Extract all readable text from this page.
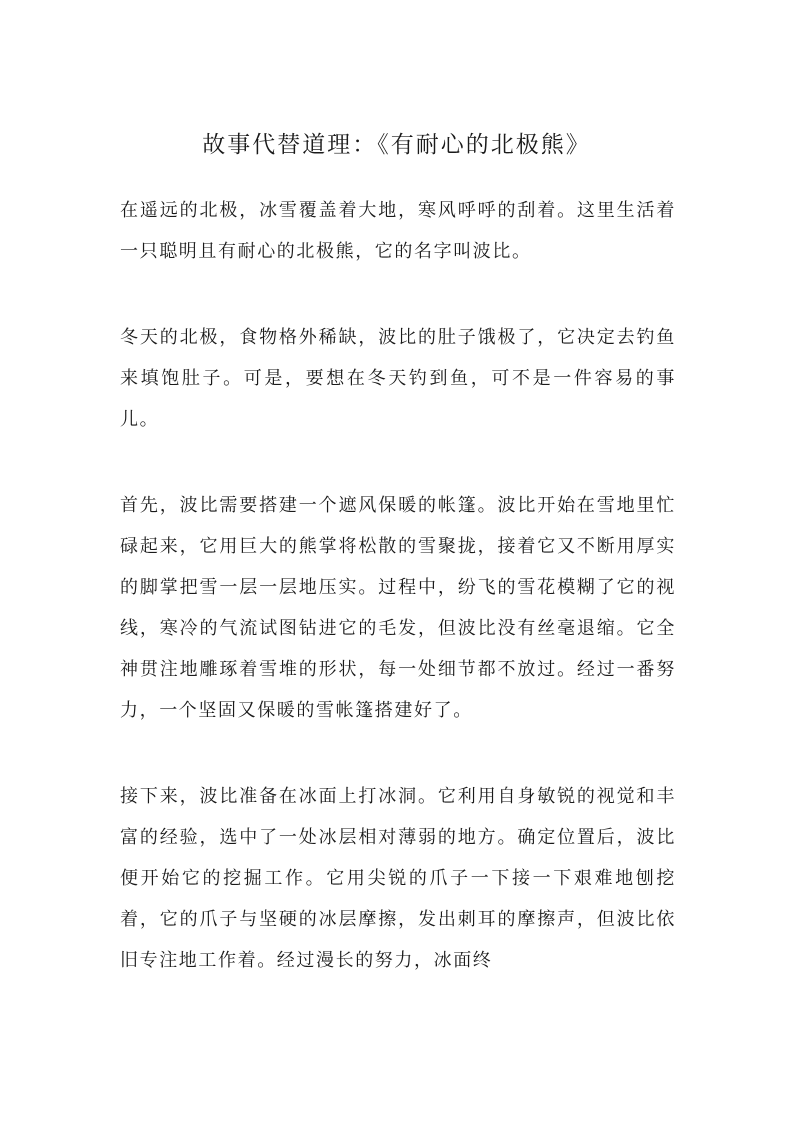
故事代替道理：《有耐心的北极熊》

在遥远的北极，冰雪覆盖着大地，寒风呼呼的刮着。这里生活着一只聪明且有耐心的北极熊，它的名字叫波比。

冬天的北极，食物格外稀缺，波比的肚子饿极了，它决定去钓鱼来填饱肚子。可是，要想在冬天钓到鱼，可不是一件容易的事儿。

首先，波比需要搭建一个遮风保暖的帐篷。波比开始在雪地里忙碌起来，它用巨大的熊掌将松散的雪聚拢，接着它又不断用厚实的脚掌把雪一层一层地压实。过程中，纷飞的雪花模糊了它的视线，寒冷的气流试图钻进它的毛发，但波比没有丝毫退缩。它全神贯注地雕琢着雪堆的形状，每一处细节都不放过。经过一番努力，一个坚固又保暖的雪帐篷搭建好了。

接下来，波比准备在冰面上打冰洞。它利用自身敏锐的视觉和丰富的经验，选中了一处冰层相对薄弱的地方。确定位置后，波比便开始它的挖掘工作。它用尖锐的爪子一下接一下艰难地刨挖着，它的爪子与坚硬的冰层摩擦，发出刺耳的摩擦声，但波比依旧专注地工作着。经过漫长的努力，冰面终
